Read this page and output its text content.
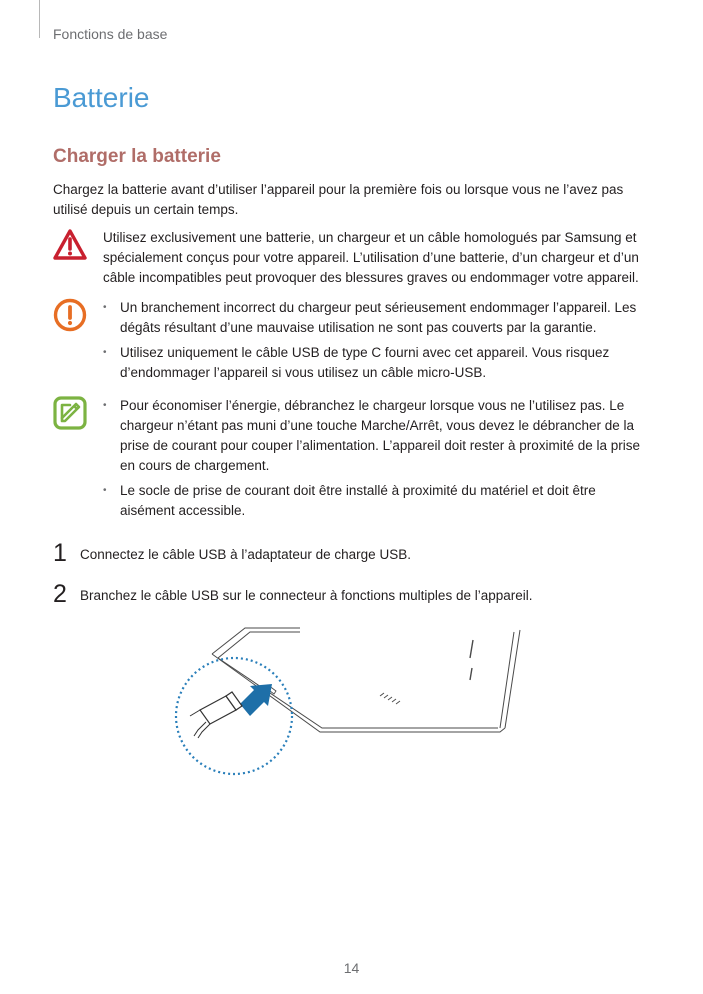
Fonctions de base
Batterie
Charger la batterie

Chargez la batterie avant d’utiliser l’appareil pour la première fois ou lorsque vous ne l’avez pas utilisé depuis un certain temps.

Utilisez exclusivement une batterie, un chargeur et un câble homologués par Samsung et spécialement conçus pour votre appareil. L’utilisation d’une batterie, d’un chargeur et d’un câble incompatibles peut provoquer des blessures graves ou endommager votre appareil.

• Un branchement incorrect du chargeur peut sérieusement endommager l’appareil. Les dégâts résultant d’une mauvaise utilisation ne sont pas couverts par la garantie.
• Utilisez uniquement le câble USB de type C fourni avec cet appareil. Vous risquez d’endommager l’appareil si vous utilisez un câble micro-USB.
• Pour économiser l’énergie, débranchez le chargeur lorsque vous ne l’utilisez pas. Le chargeur n’étant pas muni d’une touche Marche/Arrêt, vous devez le débrancher de la prise de courant pour couper l’alimentation. L’appareil doit rester à proximité de la prise en cours de chargement.
• Le socle de prise de courant doit être installé à proximité du matériel et doit être aisément accessible.
1 Connectez le câble USB à l’adaptateur de charge USB.
2 Branchez le câble USB sur le connecteur à fonctions multiples de l’appareil.
14
